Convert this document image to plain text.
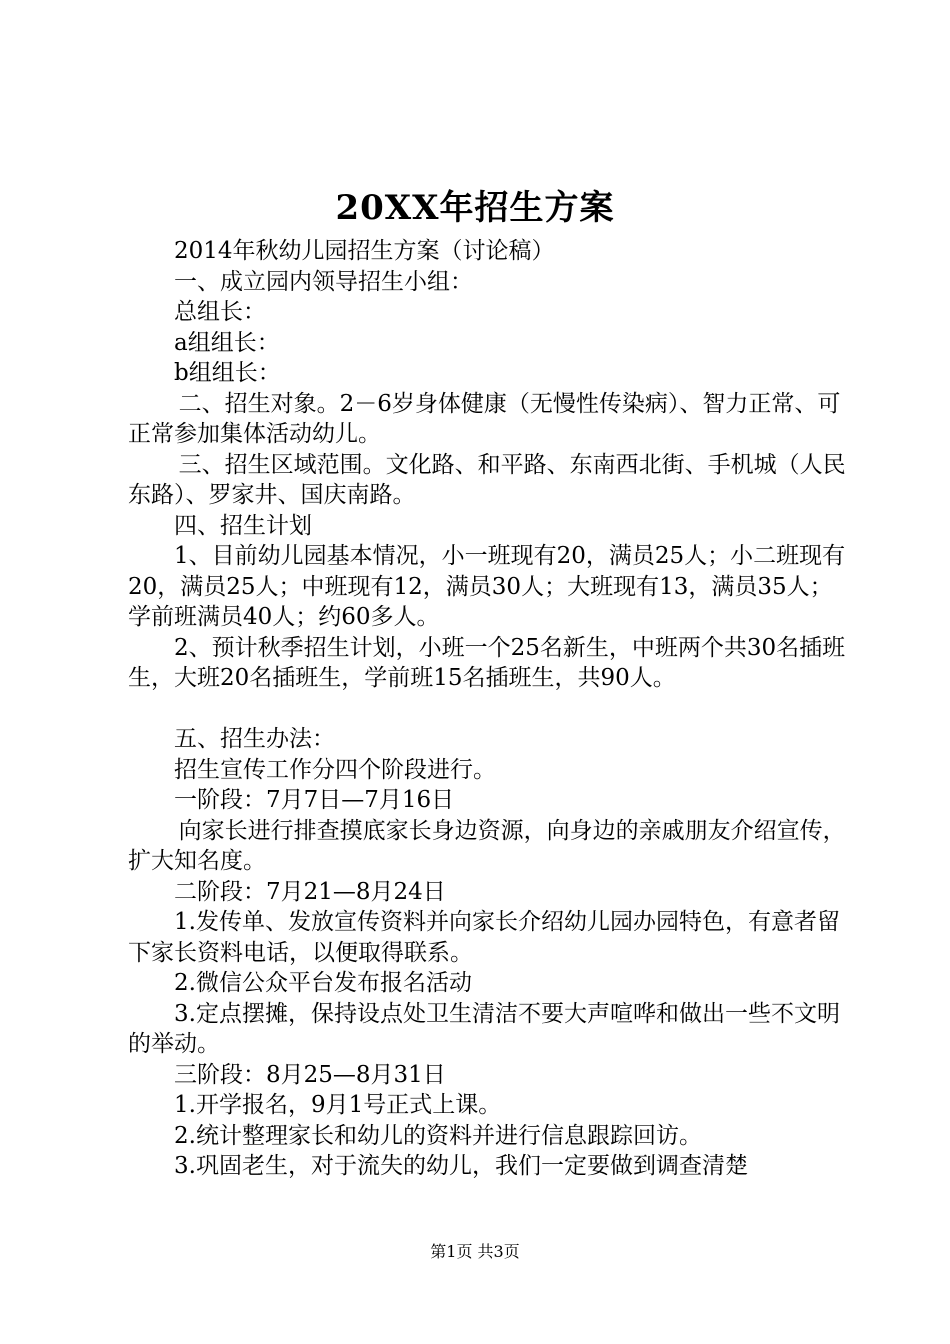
20XX年招生方案

2014年秋幼儿园招生方案（讨论稿）

一、成立园内领导招生小组：

总组长：

a组组长：

b组组长：

二、招生对象。2－6岁身体健康（无慢性传染病）、智力正常、可正常参加集体活动幼儿。

三、招生区域范围。文化路、和平路、东南西北街、手机城（人民东路）、罗家井、国庆南路。

四、招生计划

1、目前幼儿园基本情况，小一班现有20，满员25人；小二班现有20，满员25人；中班现有12，满员30人；大班现有13，满员35人；学前班满员40人；约60多人。

2、预计秋季招生计划，小班一个25名新生，中班两个共30名插班生，大班20名插班生，学前班15名插班生，共90人。

五、招生办法：

招生宣传工作分四个阶段进行。

一阶段：7月7日—7月16日

向家长进行排查摸底家长身边资源，向身边的亲戚朋友介绍宣传，扩大知名度。

二阶段：7月21—8月24日

1.发传单、发放宣传资料并向家长介绍幼儿园办园特色，有意者留下家长资料电话，以便取得联系。

2.微信公众平台发布报名活动

3.定点摆摊，保持设点处卫生清洁不要大声喧哗和做出一些不文明的举动。

三阶段：8月25—8月31日

1.开学报名，9月1号正式上课。

2.统计整理家长和幼儿的资料并进行信息跟踪回访。

3.巩固老生，对于流失的幼儿，我们一定要做到调查清楚

第1页 共3页
